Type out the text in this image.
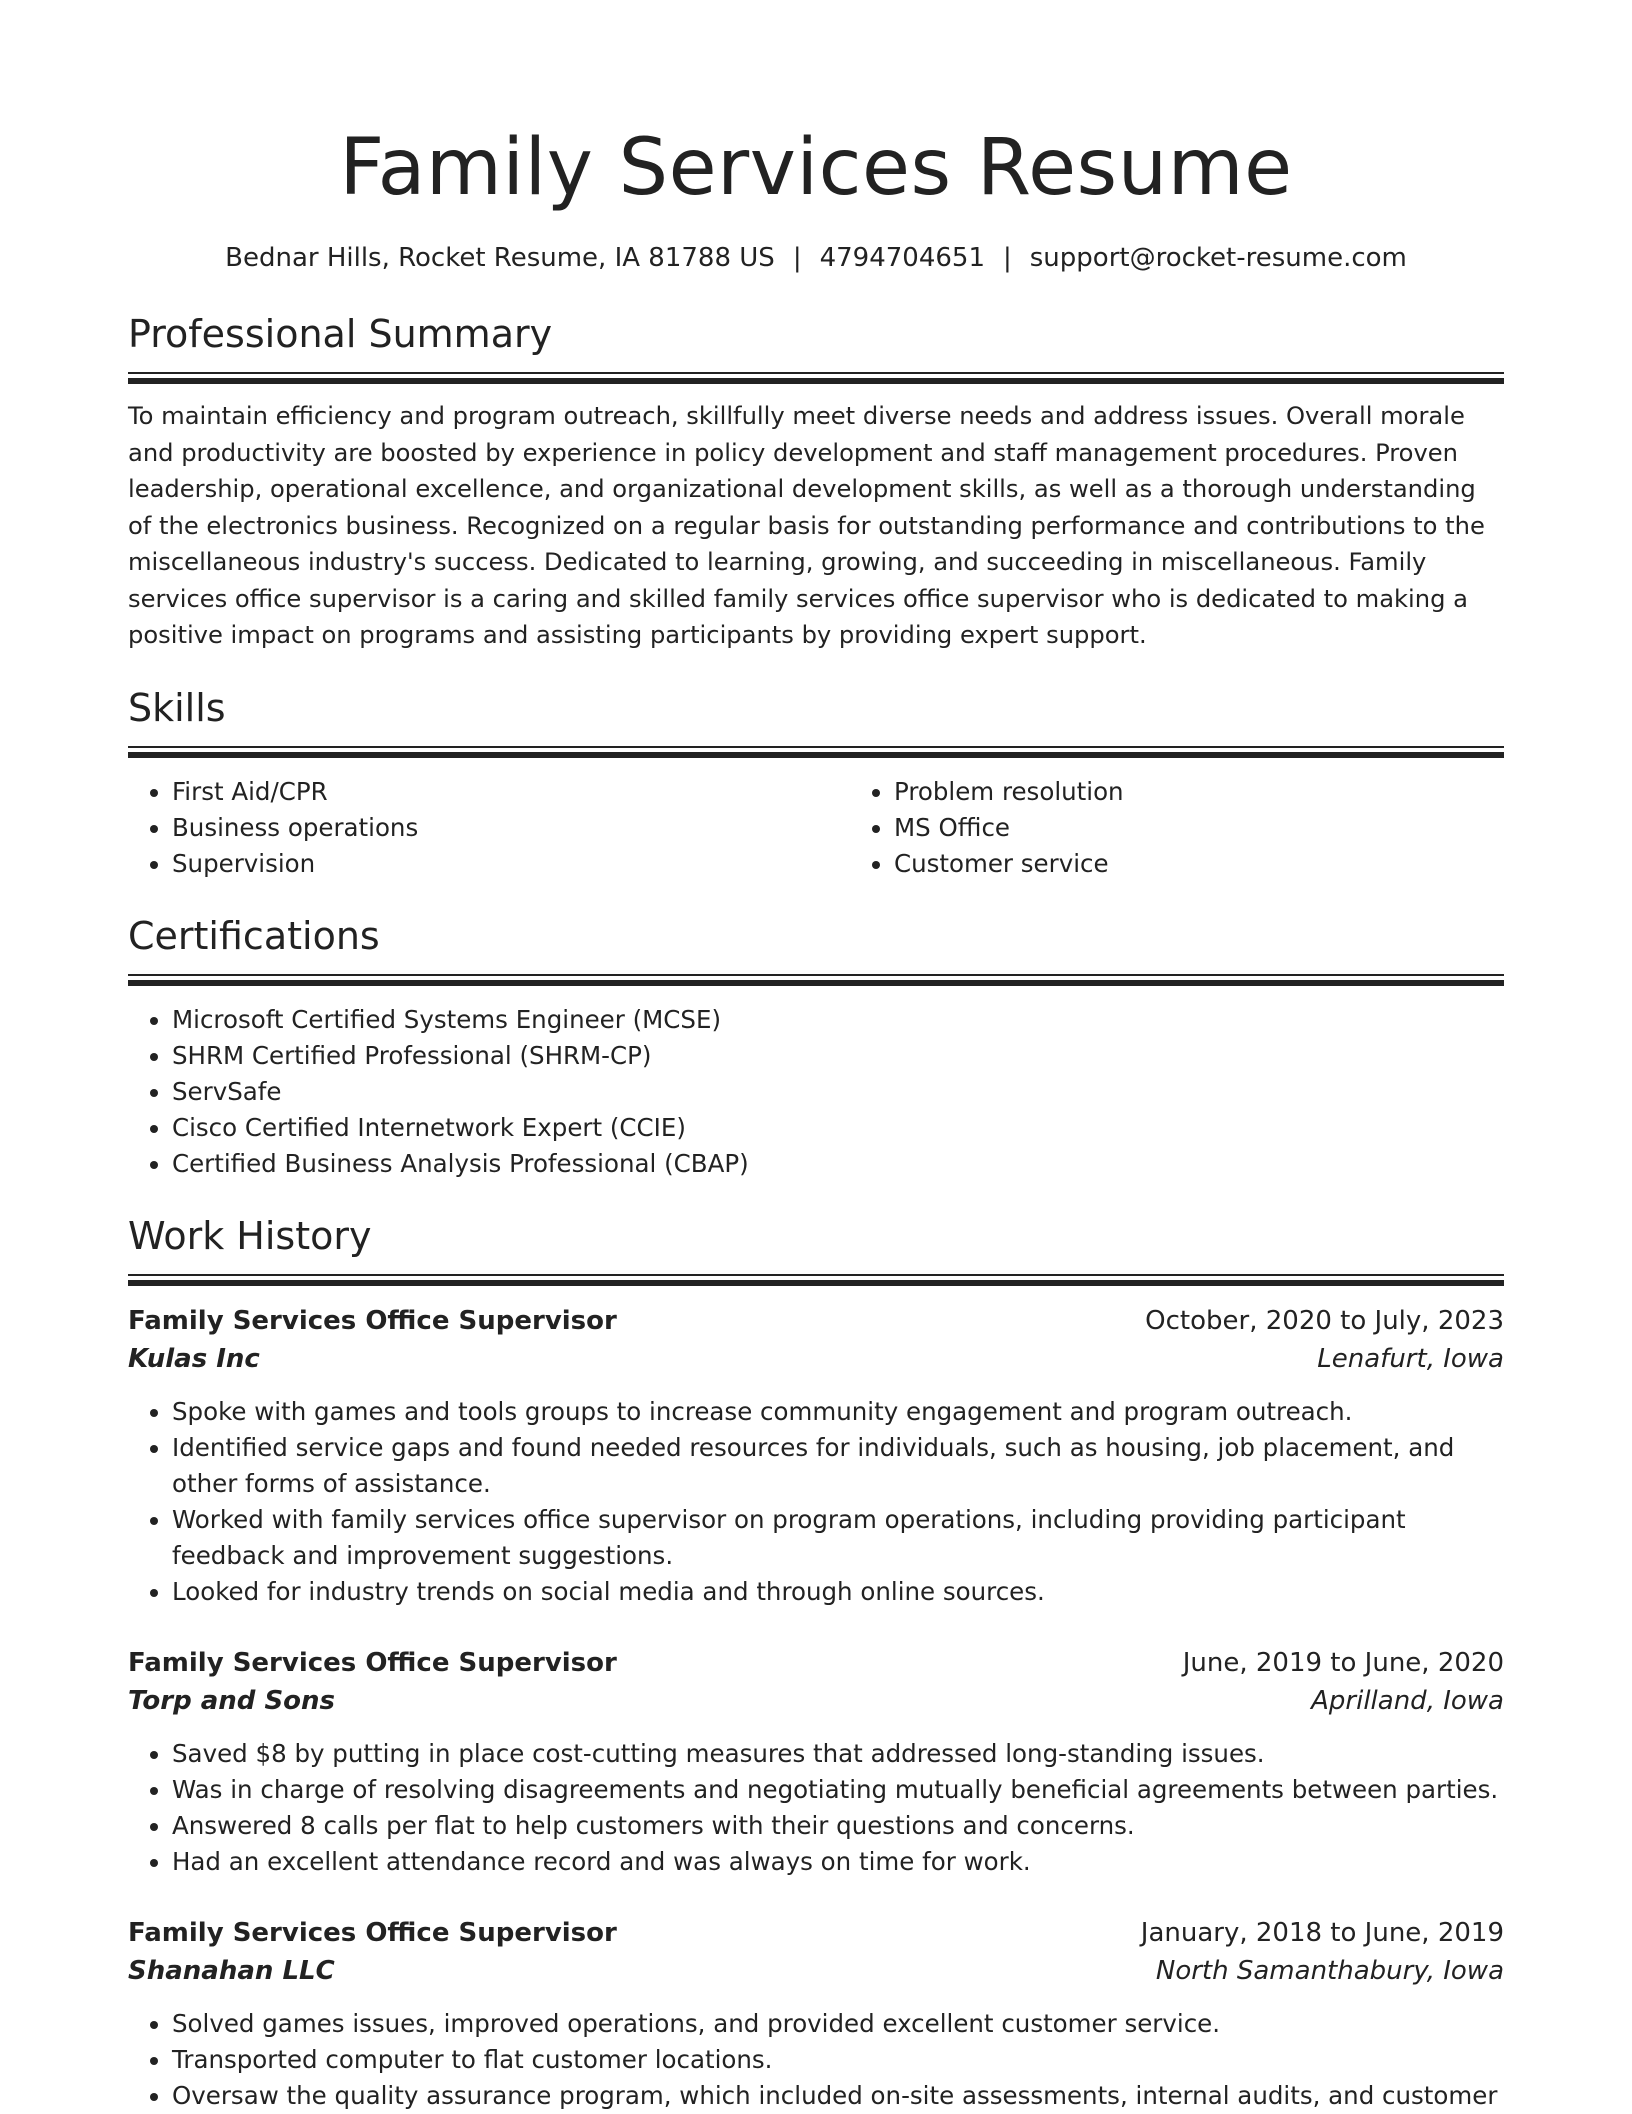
Family Services Resume
Bednar Hills, Rocket Resume, IA 81788 US | 4794704651 | support@rocket-resume.com
Professional Summary

To maintain efficiency and program outreach, skillfully meet diverse needs and address issues. Overall morale and productivity are boosted by experience in policy development and staff management procedures. Proven leadership, operational excellence, and organizational development skills, as well as a thorough understanding of the electronics business. Recognized on a regular basis for outstanding performance and contributions to the miscellaneous industry's success. Dedicated to learning, growing, and succeeding in miscellaneous. Family services office supervisor is a caring and skilled family services office supervisor who is dedicated to making a positive impact on programs and assisting participants by providing expert support.

Skills
• First Aid/CPR
• Business operations
• Supervision
• Problem resolution
• MS Office
• Customer service
Certifications
• Microsoft Certified Systems Engineer (MCSE)
• SHRM Certified Professional (SHRM-CP)
• ServSafe
• Cisco Certified Internetwork Expert (CCIE)
• Certified Business Analysis Professional (CBAP)
Work History
Family Services Office Supervisor	October, 2020 to July, 2023
Kulas Inc	Lenafurt, Iowa
• Spoke with games and tools groups to increase community engagement and program outreach.
• Identified service gaps and found needed resources for individuals, such as housing, job placement, and other forms of assistance.
• Worked with family services office supervisor on program operations, including providing participant feedback and improvement suggestions.
• Looked for industry trends on social media and through online sources.
Family Services Office Supervisor	June, 2019 to June, 2020
Torp and Sons	Aprilland, Iowa
• Saved $8 by putting in place cost-cutting measures that addressed long-standing issues.
• Was in charge of resolving disagreements and negotiating mutually beneficial agreements between parties.
• Answered 8 calls per flat to help customers with their questions and concerns.
• Had an excellent attendance record and was always on time for work.
Family Services Office Supervisor	January, 2018 to June, 2019
Shanahan LLC	North Samanthabury, Iowa
• Solved games issues, improved operations, and provided excellent customer service.
• Transported computer to flat customer locations.
• Oversaw the quality assurance program, which included on-site assessments, internal audits, and customer
